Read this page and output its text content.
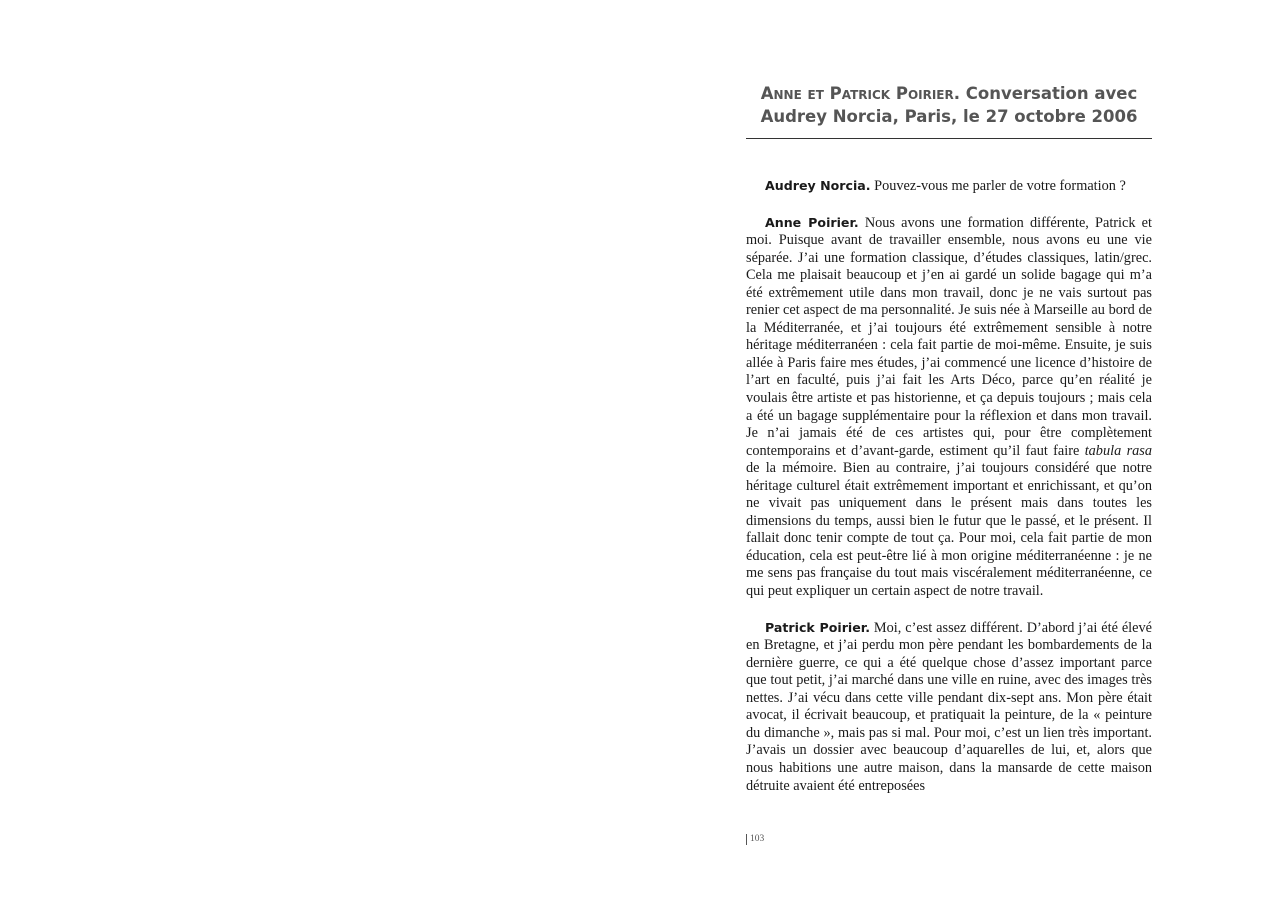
Anne et Patrick Poirier. Conversation avec
Audrey Norcia, Paris, le 27 octobre 2006

Audrey Norcia. Pouvez-vous me parler de votre formation ?

Anne Poirier. Nous avons une formation différente, Patrick et moi. Puisque avant de travailler ensemble, nous avons eu une vie séparée. J’ai une formation classique, d’études classiques, latin/grec. Cela me plaisait beaucoup et j’en ai gardé un solide bagage qui m’a été extrêmement utile dans mon travail, donc je ne vais surtout pas renier cet aspect de ma personnalité. Je suis née à Marseille au bord de la Méditerranée, et j’ai toujours été extrêmement sensible à notre héritage méditerranéen : cela fait partie de moi-même. Ensuite, je suis allée à Paris faire mes études, j’ai commencé une licence d’histoire de l’art en faculté, puis j’ai fait les Arts Déco, parce qu’en réalité je voulais être artiste et pas historienne, et ça depuis toujours ; mais cela a été un bagage supplémentaire pour la réflexion et dans mon travail. Je n’ai jamais été de ces artistes qui, pour être complètement contemporains et d’avant-garde, estiment qu’il faut faire tabula rasa de la mémoire. Bien au contraire, j’ai toujours considéré que notre héritage culturel était extrêmement important et enrichissant, et qu’on ne vivait pas uniquement dans le présent mais dans toutes les dimensions du temps, aussi bien le futur que le passé, et le présent. Il fallait donc tenir compte de tout ça. Pour moi, cela fait partie de mon éducation, cela est peut-être lié à mon origine méditerranéenne : je ne me sens pas française du tout mais viscéralement méditerranéenne, ce qui peut expliquer un certain aspect de notre travail.

Patrick Poirier. Moi, c’est assez différent. D’abord j’ai été élevé en Bretagne, et j’ai perdu mon père pendant les bombardements de la dernière guerre, ce qui a été quelque chose d’assez important parce que tout petit, j’ai marché dans une ville en ruine, avec des images très nettes. J’ai vécu dans cette ville pendant dix-sept ans. Mon père était avocat, il écrivait beaucoup, et pratiquait la peinture, de la « peinture du dimanche », mais pas si mal. Pour moi, c’est un lien très important. J’avais un dossier avec beaucoup d’aquarelles de lui, et, alors que nous habitions une autre maison, dans la mansarde de cette maison détruite avaient été entreposées

103
